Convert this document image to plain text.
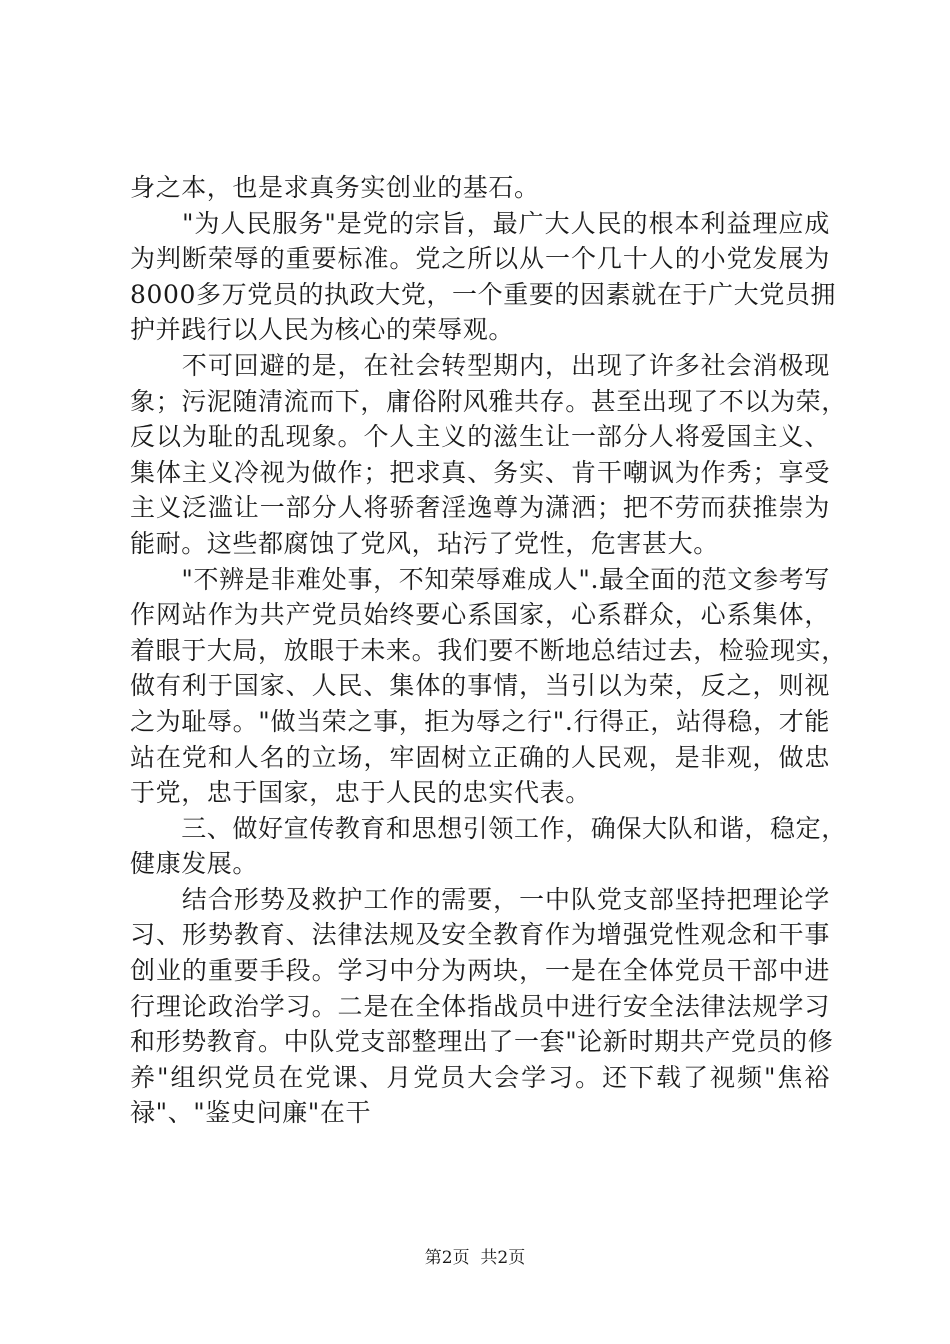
身之本，也是求真务实创业的基石。
　　"为人民服务"是党的宗旨，最广大人民的根本利益理应成
为判断荣辱的重要标准。党之所以从一个几十人的小党发展为
8000多万党员的执政大党，一个重要的因素就在于广大党员拥
护并践行以人民为核心的荣辱观。
　　不可回避的是，在社会转型期内，出现了许多社会消极现
象；污泥随清流而下，庸俗附风雅共存。甚至出现了不以为荣，
反以为耻的乱现象。个人主义的滋生让一部分人将爱国主义、
集体主义冷视为做作；把求真、务实、肯干嘲讽为作秀；享受
主义泛滥让一部分人将骄奢淫逸尊为潇洒；把不劳而获推崇为
能耐。这些都腐蚀了党风，玷污了党性，危害甚大。
　　"不辨是非难处事，不知荣辱难成人".最全面的范文参考写
作网站作为共产党员始终要心系国家，心系群众，心系集体，
着眼于大局，放眼于未来。我们要不断地总结过去，检验现实，
做有利于国家、人民、集体的事情，当引以为荣，反之，则视
之为耻辱。"做当荣之事，拒为辱之行".行得正，站得稳，才能
站在党和人名的立场，牢固树立正确的人民观，是非观，做忠
于党，忠于国家，忠于人民的忠实代表。
　　三、做好宣传教育和思想引领工作，确保大队和谐，稳定，
健康发展。
　　结合形势及救护工作的需要，一中队党支部坚持把理论学
习、形势教育、法律法规及安全教育作为增强党性观念和干事
创业的重要手段。学习中分为两块，一是在全体党员干部中进
行理论政治学习。二是在全体指战员中进行安全法律法规学习
和形势教育。中队党支部整理出了一套"论新时期共产党员的修
养"组织党员在党课、月党员大会学习。还下载了视频"焦裕
禄"、"鉴史问廉"在干
第2页  共2页
